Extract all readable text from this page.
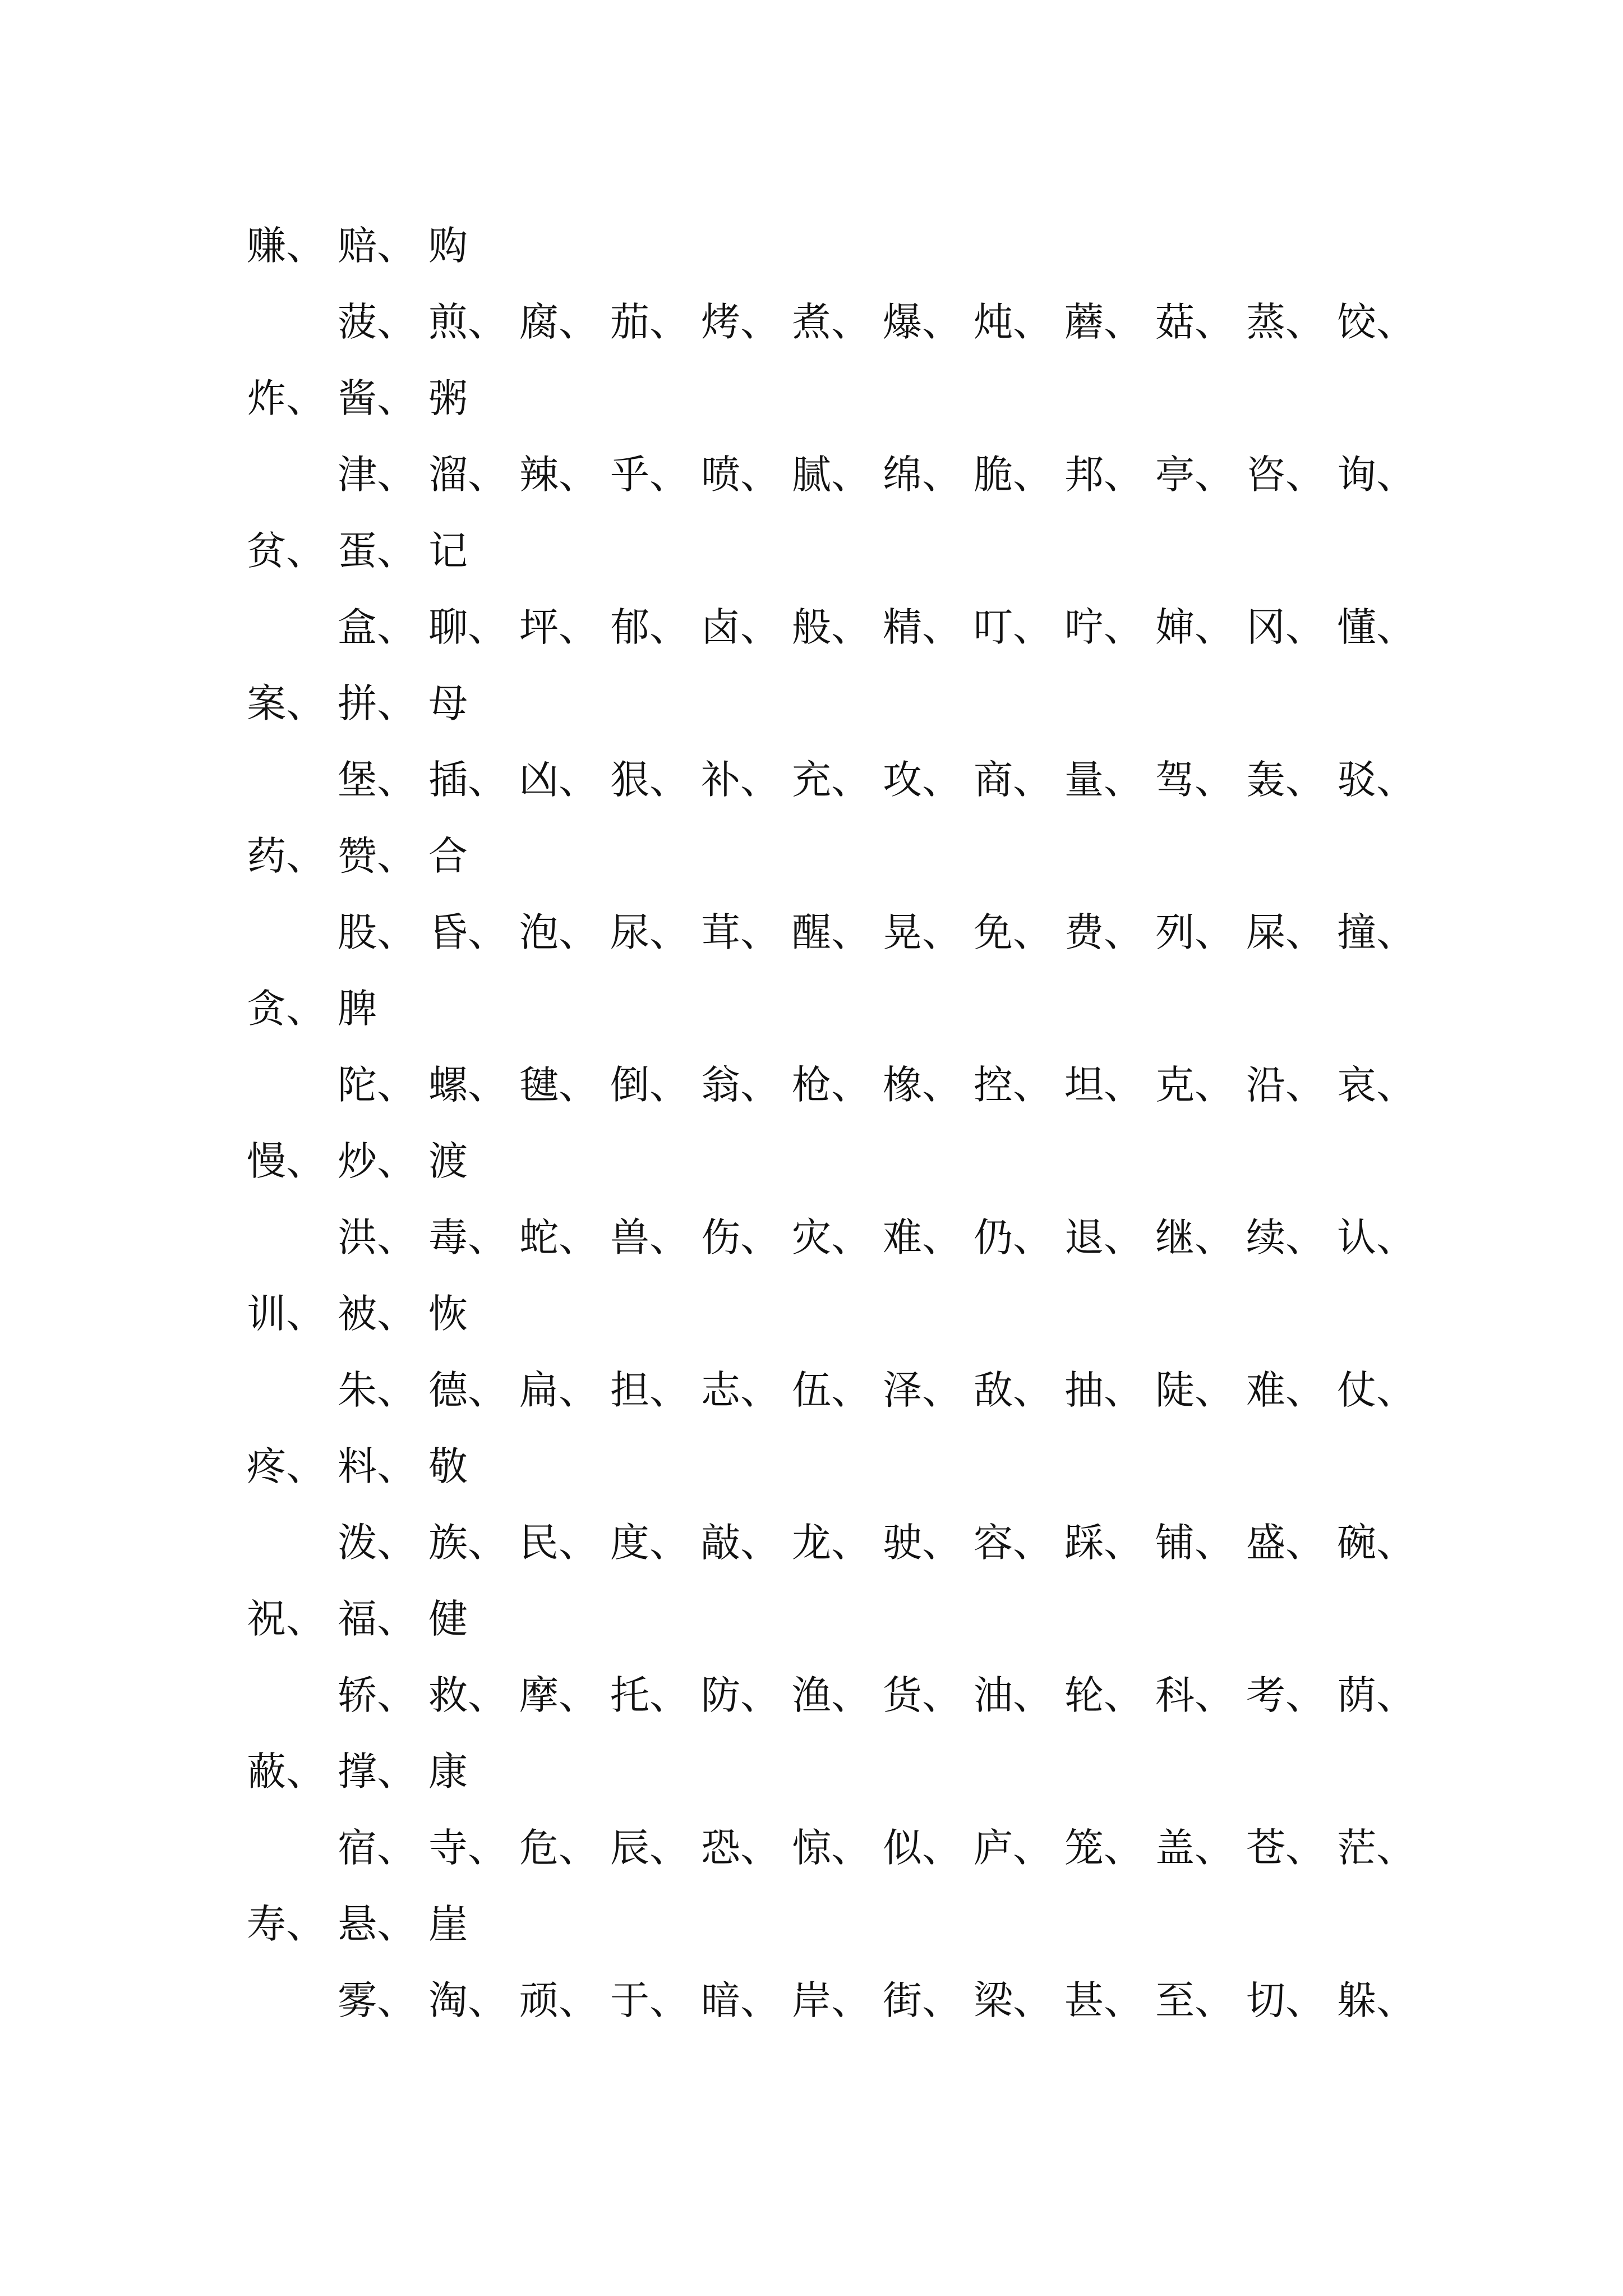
赚、 赔、 购
菠、 煎、 腐、 茄、 烤、 煮、 爆、 炖、 蘑、 菇、 蒸、 饺、
炸、 酱、 粥
津、 溜、 辣、 乎、 喷、 腻、 绵、 脆、 邦、 亭、 咨、 询、
贫、 蛋、 记
盒、 聊、 坪、 郁、 卤、 般、 精、 叮、 咛、 婶、 冈、 懂、
案、 拼、 母
堡、 插、 凶、 狠、 补、 充、 攻、 商、 量、 驾、 轰、 驳、
药、 赞、 合
股、 昏、 泡、 尿、 茸、 醒、 晃、 免、 费、 列、 屎、 撞、
贪、 脾
陀、 螺、 毽、 倒、 翁、 枪、 橡、 控、 坦、 克、 沿、 哀、
慢、 炒、 渡
洪、 毒、 蛇、 兽、 伤、 灾、 难、 仍、 退、 继、 续、 认、
训、 被、 恢
朱、 德、 扁、 担、 志、 伍、 泽、 敌、 抽、 陡、 难、 仗、
疼、 料、 敬
泼、 族、 民、 度、 敲、 龙、 驶、 容、 踩、 铺、 盛、 碗、
祝、 福、 健
轿、 救、 摩、 托、 防、 渔、 货、 油、 轮、 科、 考、 荫、
蔽、 撑、 康
宿、 寺、 危、 辰、 恐、 惊、 似、 庐、 笼、 盖、 苍、 茫、
寿、 悬、 崖
雾、 淘、 顽、 于、 暗、 岸、 街、 梁、 甚、 至、 切、 躲、
